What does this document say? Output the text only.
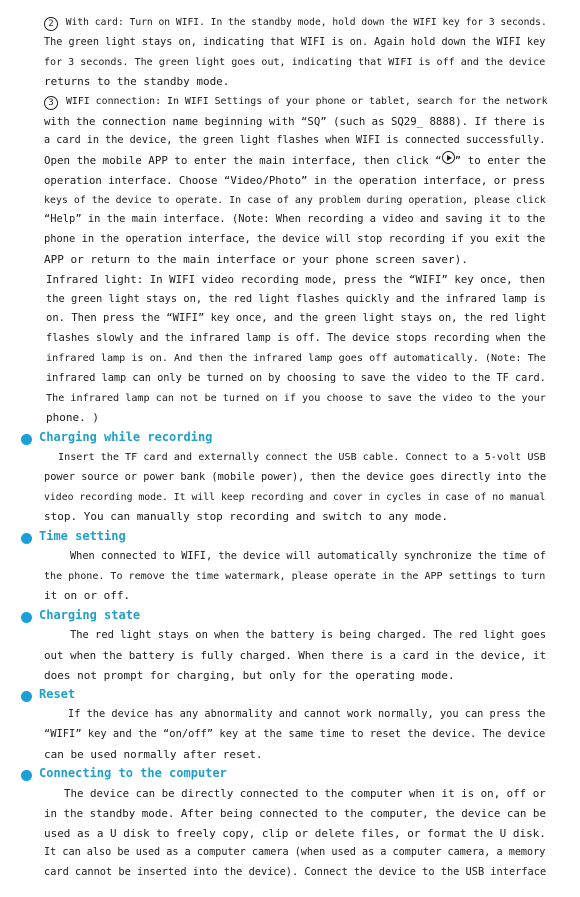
2 With card: Turn on WIFI. In the standby mode, hold down the WIFI key for 3 seconds.
The green light stays on, indicating that WIFI is on. Again hold down the WIFI key
for 3 seconds. The green light goes out, indicating that WIFI is off and the device
returns to the standby mode.
3 WIFI connection: In WIFI Settings of your phone or tablet, search for the network
with the connection name beginning with “SQ” (such as SQ29_ 8888). If there is
a card in the device, the green light flashes when WIFI is connected successfully.
Open the mobile APP to enter the main interface, then click “ ” to enter the
operation interface. Choose “Video/Photo” in the operation interface, or press
keys of the device to operate. In case of any problem during operation, please click
“Help” in the main interface. (Note: When recording a video and saving it to the
phone in the operation interface, the device will stop recording if you exit the
APP or return to the main interface or your phone screen saver).
Infrared light: In WIFI video recording mode, press the “WIFI” key once, then
the green light stays on, the red light flashes quickly and the infrared lamp is
on. Then press the “WIFI” key once, and the green light stays on, the red light
flashes slowly and the infrared lamp is off. The device stops recording when the
infrared lamp is on. And then the infrared lamp goes off automatically. (Note: The
infrared lamp can only be turned on by choosing to save the video to the TF card.
The infrared lamp can not be turned on if you choose to save the video to the your
phone. )
Charging while recording
Insert the TF card and externally connect the USB cable. Connect to a 5-volt USB
power source or power bank (mobile power), then the device goes directly into the
video recording mode. It will keep recording and cover in cycles in case of no manual
stop. You can manually stop recording and switch to any mode.
Time setting
When connected to WIFI, the device will automatically synchronize the time of
the phone. To remove the time watermark, please operate in the APP settings to turn
it on or off.
Charging state
The red light stays on when the battery is being charged. The red light goes
out when the battery is fully charged. When there is a card in the device, it
does not prompt for charging, but only for the operating mode.
Reset
If the device has any abnormality and cannot work normally, you can press the
“WIFI” key and the “on/off” key at the same time to reset the device. The device
can be used normally after reset.
Connecting to the computer
The device can be directly connected to the computer when it is on, off or
in the standby mode. After being connected to the computer, the device can be
used as a U disk to freely copy, clip or delete files, or format the U disk.
It can also be used as a computer camera (when used as a computer camera, a memory
card cannot be inserted into the device). Connect the device to the USB interface
